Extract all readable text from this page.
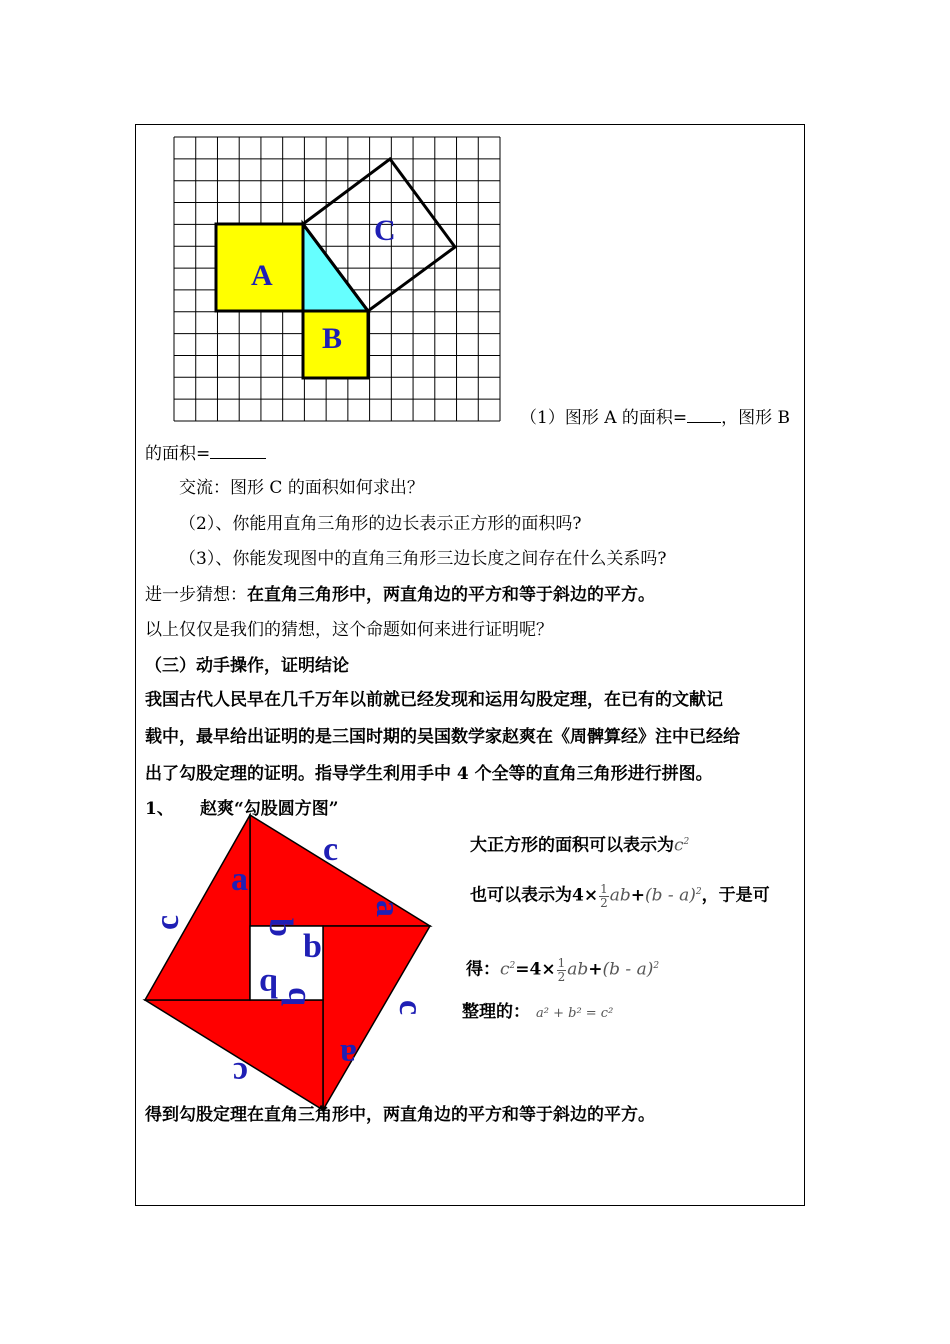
A
B
C
（1）图形 A 的面积= ，图形 B
的面积=
交流：图形 C 的面积如何求出？
（2）、你能用直角三角形的边长表示正方形的面积吗?
（3）、你能发现图中的直角三角形三边长度之间存在什么关系吗?
进一步猜想：在直角三角形中，两直角边的平方和等于斜边的平方。
以上仅仅是我们的猜想，这个命题如何来进行证明呢？
（三）动手操作，证明结论
我国古代人民早在几千万年以前就已经发现和运用勾股定理，在已有的文献记
载中，最早给出证明的是三国时期的吴国数学家赵爽在《周髀算经》注中已经给
出了勾股定理的证明。指导学生利用手中 4 个全等的直角三角形进行拼图。
1、 赵爽“勾股圆方图”
c
a
a
c
b
b
b
b
c
a
c
大正方形的面积可以表示为$c^2$
也可以表示为$4\times \frac{1}{2} ab+(b - a)^2$，于是可
得：$c^2=4\times \frac{1}{2} ab+(b - a)^2$
整理的： a² + b² = c²
得到勾股定理在直角三角形中，两直角边的平方和等于斜边的平方。
